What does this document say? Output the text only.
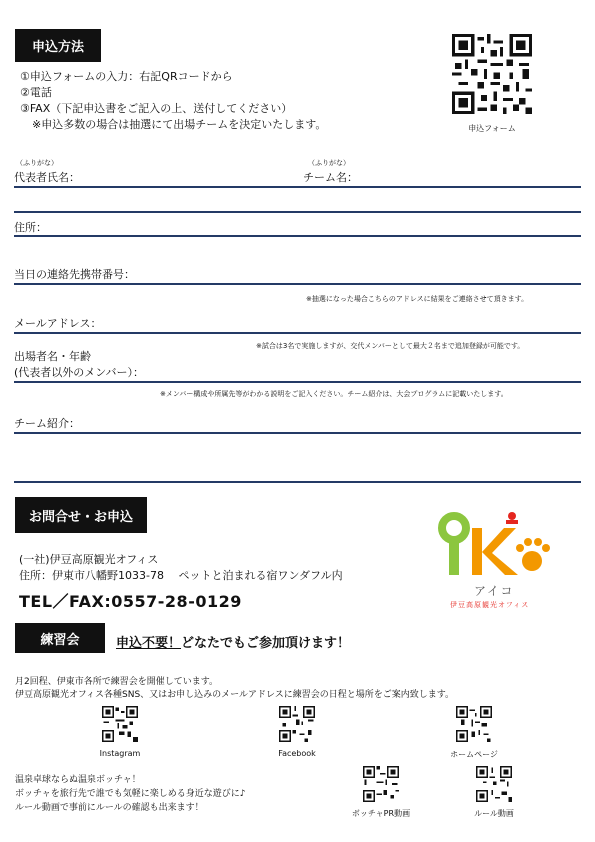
申込方法
①申込フォームの入力：右記QRコードから
②電話
③FAX（下記申込書をご記入の上、送付してください）
※申込多数の場合は抽選にて出場チームを決定いたします。	申込フォーム
（ふりがな）
代表者氏名：
（ふりがな）
チーム名：
住所：
当日の連絡先携帯番号：
※抽選になった場合こちらのアドレスに結果をご連絡させて頂きます。
メールアドレス：
※試合は3名で実施しますが、交代メンバーとして最大２名まで追加登録が可能です。
出場者名・年齢
(代表者以外のメンバー）：
※メンバー構成や所属先等がわかる説明をご記入ください。チーム紹介は、大会プログラムに記載いたします。
チーム紹介：
お問合せ・お申込
(一社)伊豆高原観光オフィス
住所：伊東市八幡野1033-78　 ペットと泊まれる宿ワンダフル内
TEL／FAX:0557-28-0129
アイコ
伊豆高原観光オフィス
練習会	申込不要！どなたでもご参加頂けます！
月2回程、伊東市各所で練習会を開催しています。
伊豆高原観光オフィス各種SNS、又はお申し込みのメールアドレスに練習会の日程と場所をご案内致します。
Instagram	Facebook	ホームページ
温泉卓球ならぬ温泉ボッチャ！
ボッチャを旅行先で誰でも気軽に楽しめる身近な遊びに♪
ルール動画で事前にルールの確認も出来ます！
ボッチャPR動画	ルール動画
